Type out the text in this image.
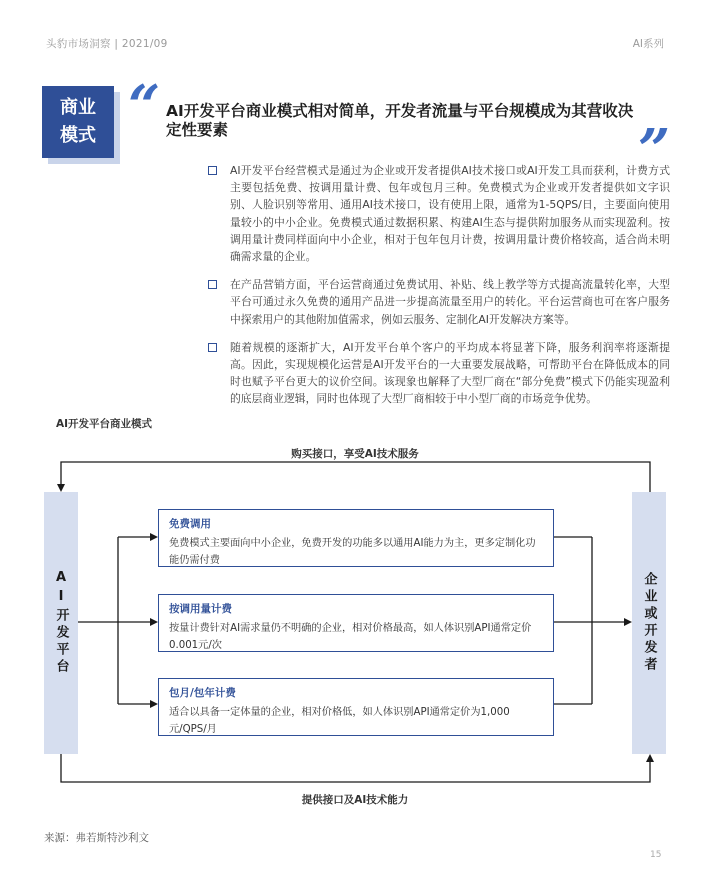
头豹市场洞察 | 2021/09	AI系列
商业
模式 “ AI开发平台商业模式相对简单，开发者流量与平台规模成为其营收决定性要素	”
AI开发平台经营模式是通过为企业或开发者提供AI技术接口或AI开发工具而获利，计费方式主要包括免费、按调用量计费、包年或包月三种。免费模式为企业或开发者提供如文字识别、人脸识别等常用、通用AI技术接口，设有使用上限，通常为1-5QPS/日，主要面向使用量较小的中小企业。免费模式通过数据积累、构建AI生态与提供附加服务从而实现盈利。按调用量计费同样面向中小企业，相对于包年包月计费，按调用量计费价格较高，适合尚未明确需求量的企业。
在产品营销方面，平台运营商通过免费试用、补贴、线上教学等方式提高流量转化率，大型平台可通过永久免费的通用产品进一步提高流量至用户的转化。平台运营商也可在客户服务中探索用户的其他附加值需求，例如云服务、定制化AI开发解决方案等。
随着规模的逐渐扩大，AI开发平台单个客户的平均成本将显著下降，服务利润率将逐渐提高。因此，实现规模化运营是AI开发平台的一大重要发展战略，可帮助平台在降低成本的同时也赋予平台更大的议价空间。该现象也解释了大型厂商在“部分免费”模式下仍能实现盈利的底层商业逻辑，同时也体现了大型厂商相较于中小型厂商的市场竞争优势。
AI开发平台商业模式
购买接口，享受AI技术服务
提供接口及AI技术能力
AI开发平台	企业或开发者
免费调用
免费模式主要面向中小企业，免费开发的功能多以通用AI能力为主，更多定制化功能仍需付费
按调用量计费
按量计费针对AI需求量仍不明确的企业，相对价格最高，如人体识别API通常定价0.001元/次
包月/包年计费
适合以具备一定体量的企业，相对价格低，如人体识别API通常定价为1,000元/QPS/月
来源：弗若斯特沙利文
15
